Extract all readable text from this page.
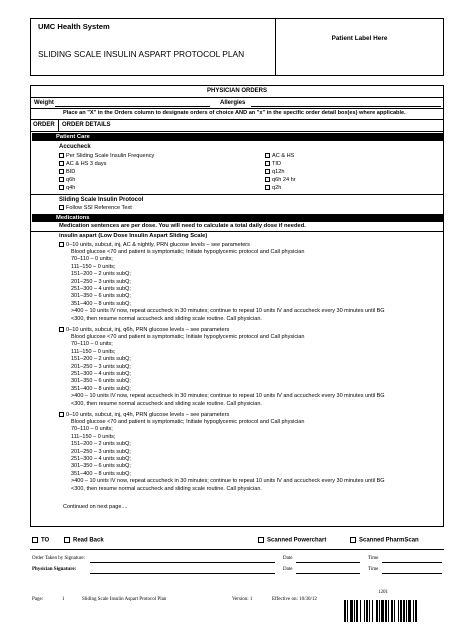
UMC Health System
SLIDING SCALE INSULIN ASPART PROTOCOL PLAN
Patient Label Here
PHYSICIAN ORDERS
Weight	Allergies
Place an "X" in the Orders column to designate orders of choice AND an "x" in the specific order detail box(es) where applicable.
ORDER ORDER DETAILS
Patient Care
Accucheck
Per Sliding Scale Insulin Frequency
AC & HS 3 days
BID
q6h
q4h
AC & HS
TID
q12h
q6h 24 hr
q2h
Sliding Scale Insulin Protocol
Follow SSI Reference Text
Medications
Medication sentences are per dose. You will need to calculate a total daily dose if needed.
insulin aspart (Low Dose Insulin Aspart Sliding Scale)
0–10 units, subcut, inj, AC & nightly, PRN glucose levels – see parameters
Blood glucose <70 and patient is symptomatic; Initiate hypoglycemic protocol and Call physician
70–110 – 0 units;
111–150 – 0 units;
151–200 – 2 units subQ;
201–250 – 3 units subQ;
251–300 – 4 units subQ;
301–350 – 6 units subQ;
351–400 – 8 units subQ;
>400 – 10 units IV now, repeat accucheck in 30 minutes; continue to repeat 10 units IV and accucheck every 30 minutes until BG
<300, then resume normal accucheck and sliding scale routine. Call physician.
0–10 units, subcut, inj, q6h, PRN glucose levels – see parameters
Blood glucose <70 and patient is symptomatic; Initiate hypoglycemic protocol and Call physician
70–110 – 0 units;
111–150 – 0 units;
151–200 – 2 units subQ;
201–250 – 3 units subQ;
251–300 – 4 units subQ;
301–350 – 6 units subQ;
351–400 – 8 units subQ;
>400 – 10 units IV now, repeat accucheck in 30 minutes; continue to repeat 10 units IV and accucheck every 30 minutes until BG
<300, then resume normal accucheck and sliding scale routine. Call physician.
0–10 units, subcut, inj, q4h, PRN glucose levels – see parameters
Blood glucose <70 and patient is symptomatic; Initiate hypoglycemic protocol and Call physician
70–110 – 0 units;
111–150 – 0 units;
151–200 – 2 units subQ;
201–250 – 3 units subQ;
251–300 – 4 units subQ;
301–350 – 6 units subQ;
351–400 – 8 units subQ;
>400 – 10 units IV now, repeat accucheck in 30 minutes; continue to repeat 10 units IV and accucheck every 30 minutes until BG
<300, then resume normal accucheck and sliding scale routine. Call physician.
Continued on next page....
TO	Read Back	Scanned Powerchart	Scanned PharmScan
Order Taken by Signature:	Date	Time
Physician Signature:	Date	Time
Page:	1	Sliding Scale Insulin Aspart Protocol Plan	Version: 1	Effective on: 10/30/12
1201
